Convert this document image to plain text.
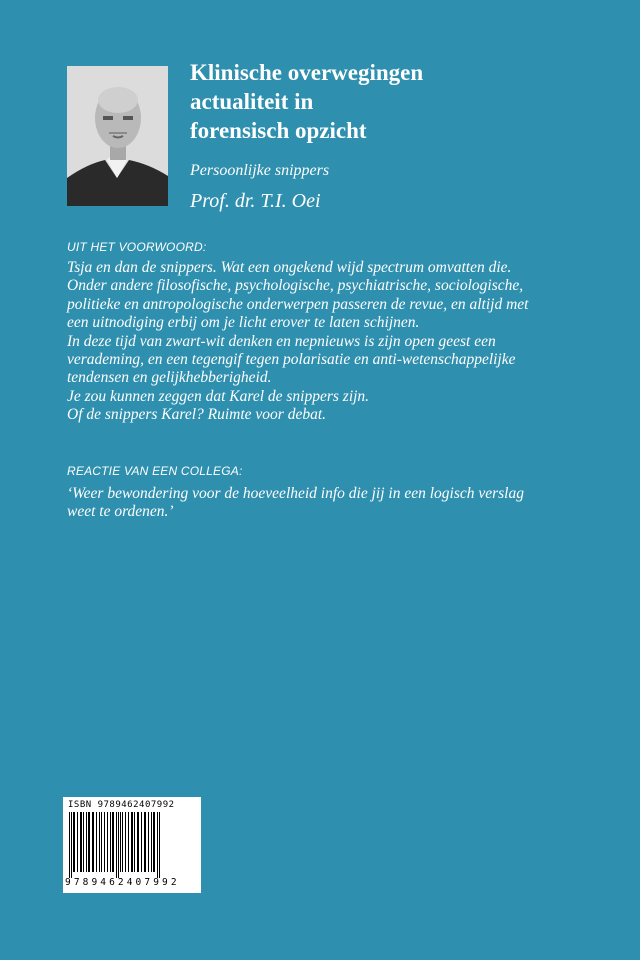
Klinische overwegingen
actualiteit in
forensisch opzicht
Persoonlijke snippers
Prof. dr. T.I. Oei
UIT HET VOORWOORD:
Tsja en dan de snippers. Wat een ongekend wijd spectrum omvatten die.
Onder andere filosofische, psychologische, psychiatrische, sociologische,
politieke en antropologische onderwerpen passeren de revue, en altijd met
een uitnodiging erbij om je licht erover te laten schijnen.
In deze tijd van zwart-wit denken en nepnieuws is zijn open geest een
verademing, en een tegengif tegen polarisatie en anti-wetenschappelijke
tendensen en gelijkhebberigheid.
Je zou kunnen zeggen dat Karel de snippers zijn.
Of de snippers Karel? Ruimte voor debat.
REACTIE VAN EEN COLLEGA:
‘Weer bewondering voor de hoeveelheid info die jij in een logisch verslag
weet te ordenen.’
ISBN 9789462407992
9789462407992
